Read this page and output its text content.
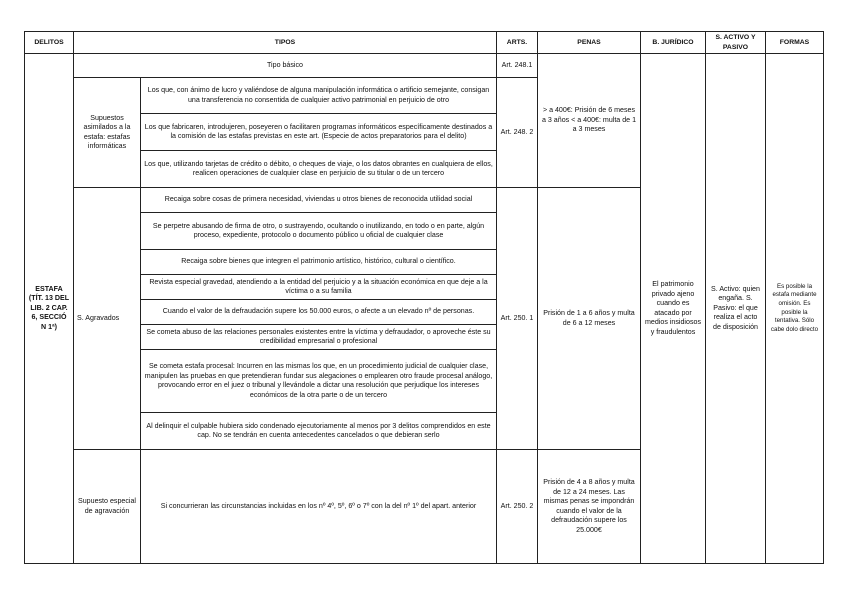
DELITOS	TIPOS		ARTS.	PENAS	B. JURÍDICO	S. ACTIVO Y PASIVO	FORMAS
ESTAFA (TÍT. 13 DEL LIB. 2 CAP. 6, SECCIÓ N 1ª)	Tipo básico		Art. 248.1	> a 400€: Prisión de 6 meses a 3 años < a 400€: multa de 1 a 3 meses	El patrimonio privado ajeno cuando es atacado por medios insidiosos y fraudulentos	S. Activo: quien engaña. S. Pasivo: el que realiza el acto de disposición	Es posible la estafa mediante omisión. Es posible la tentativa. Sólo cabe dolo directo
	Supuestos asimilados a la estafa: estafas informáticas	Los que, con ánimo de lucro y valiéndose de alguna manipulación informática o artificio semejante, consigan una transferencia no consentida de cualquier activo patrimonial en perjuicio de otro	Art. 248. 2				
		Los que fabricaren, introdujeren, poseyeren o facilitaren programas informáticos específicamente destinados a la comisión de las estafas previstas en este art. (Especie de actos preparatorios para el delito)					
		Los que, utilizando tarjetas de crédito o débito, o cheques de viaje, o los datos obrantes en cualquiera de ellos, realicen operaciones de cualquier clase en perjuicio de su titular o de un tercero					
	S. Agravados	Recaiga sobre cosas de primera necesidad, viviendas u otros bienes de reconocida utilidad social	Art. 250. 1	Prisión de 1 a 6 años y multa de 6 a 12 meses			
		Se perpetre abusando de firma de otro, o sustrayendo, ocultando o inutilizando, en todo o en parte, algún proceso, expediente, protocolo o documento público u oficial de cualquier clase					
		Recaiga sobre bienes que integren el patrimonio artístico, histórico, cultural o científico.					
		Revista especial gravedad, atendiendo a la entidad del perjuicio y a la situación económica en que deje a la víctima o a su familia					
		Cuando el valor de la defraudación supere los 50.000 euros, o afecte a un elevado nº de personas.					
		Se cometa abuso de las relaciones personales existentes entre la víctima y defraudador, o aproveche éste su credibilidad empresarial o profesional					
		Se cometa estafa procesal: Incurren en las mismas los que, en un procedimiento judicial de cualquier clase, manipulen las pruebas en que pretendieran fundar sus alegaciones o emplearen otro fraude procesal análogo, provocando error en el juez o tribunal y llevándole a dictar una resolución que perjudique los intereses económicos de la otra parte o de un tercero					
		Al delinquir el culpable hubiera sido condenado ejecutoriamente al menos por 3 delitos comprendidos en este cap. No se tendrán en cuenta antecedentes cancelados o que debieran serlo					
	Supuesto especial de agravación	Si concurrieran las circunstancias incluidas en los nº 4º, 5º, 6º o 7º con la del nº 1º del apart. anterior	Art. 250. 2	Prisión de 4 a 8 años y multa de 12 a 24 meses. Las mismas penas se impondrán cuando el valor de la defraudación supere los 25.000€			
